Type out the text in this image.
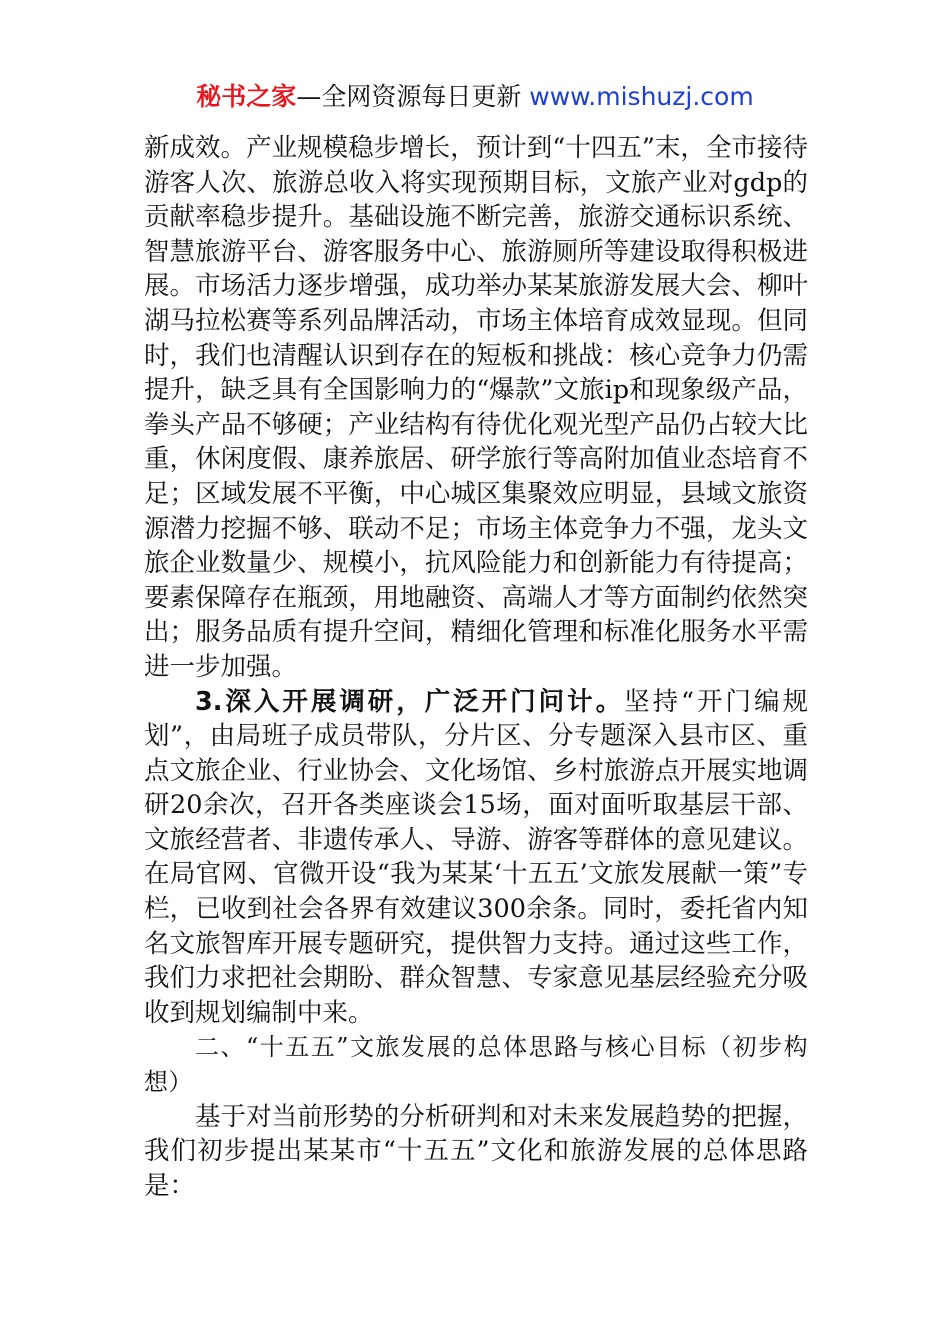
秘书之家—全网资源每日更新 www.mishuzj.com

新成效。产业规模稳步增长，预计到“十四五”末，全市接待游客人次、旅游总收入将实现预期目标，文旅产业对gdp的贡献率稳步提升。基础设施不断完善，旅游交通标识系统、智慧旅游平台、游客服务中心、旅游厕所等建设取得积极进展。市场活力逐步增强，成功举办某某旅游发展大会、柳叶湖马拉松赛等系列品牌活动，市场主体培育成效显现。但同时，我们也清醒认识到存在的短板和挑战：核心竞争力仍需提升，缺乏具有全国影响力的“爆款”文旅ip和现象级产品，拳头产品不够硬；产业结构有待优化观光型产品仍占较大比重，休闲度假、康养旅居、研学旅行等高附加值业态培育不足；区域发展不平衡，中心城区集聚效应明显，县域文旅资源潜力挖掘不够、联动不足；市场主体竞争力不强，龙头文旅企业数量少、规模小，抗风险能力和创新能力有待提高；要素保障存在瓶颈，用地融资、高端人才等方面制约依然突出；服务品质有提升空间，精细化管理和标准化服务水平需进一步加强。

3.深入开展调研，广泛开门问计。坚持“开门编规划”，由局班子成员带队，分片区、分专题深入县市区、重点文旅企业、行业协会、文化场馆、乡村旅游点开展实地调研20余次，召开各类座谈会15场，面对面听取基层干部、文旅经营者、非遗传承人、导游、游客等群体的意见建议。在局官网、官微开设“我为某某‘十五五’文旅发展献一策”专栏，已收到社会各界有效建议300余条。同时，委托省内知名文旅智库开展专题研究，提供智力支持。通过这些工作，我们力求把社会期盼、群众智慧、专家意见基层经验充分吸收到规划编制中来。

二、“十五五”文旅发展的总体思路与核心目标（初步构想）

基于对当前形势的分析研判和对未来发展趋势的把握，我们初步提出某某市“十五五”文化和旅游发展的总体思路是：
